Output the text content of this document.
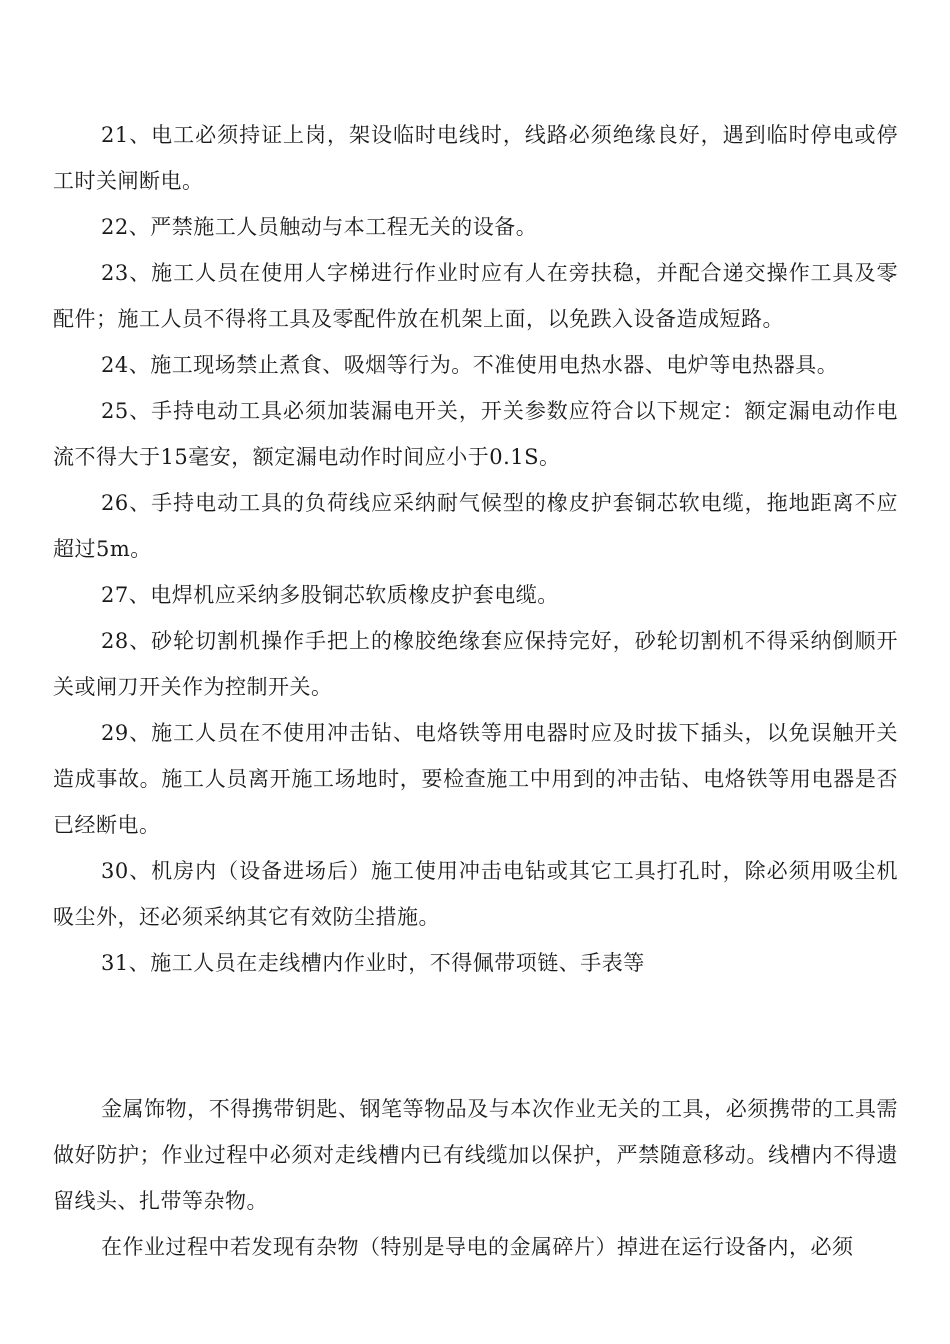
21、电工必须持证上岗，架设临时电线时，线路必须绝缘良好，遇到临时停电或停工时关闸断电。

22、严禁施工人员触动与本工程无关的设备。

23、施工人员在使用人字梯进行作业时应有人在旁扶稳，并配合递交操作工具及零配件；施工人员不得将工具及零配件放在机架上面，以免跌入设备造成短路。

24、施工现场禁止煮食、吸烟等行为。不准使用电热水器、电炉等电热器具。

25、手持电动工具必须加装漏电开关，开关参数应符合以下规定：额定漏电动作电流不得大于15毫安，额定漏电动作时间应小于0.1S。

26、手持电动工具的负荷线应采纳耐气候型的橡皮护套铜芯软电缆，拖地距离不应超过5m。

27、电焊机应采纳多股铜芯软质橡皮护套电缆。

28、砂轮切割机操作手把上的橡胶绝缘套应保持完好，砂轮切割机不得采纳倒顺开关或闸刀开关作为控制开关。

29、施工人员在不使用冲击钻、电烙铁等用电器时应及时拔下插头，以免误触开关造成事故。施工人员离开施工场地时，要检查施工中用到的冲击钻、电烙铁等用电器是否已经断电。

30、机房内（设备进场后）施工使用冲击电钻或其它工具打孔时，除必须用吸尘机吸尘外，还必须采纳其它有效防尘措施。

31、施工人员在走线槽内作业时，不得佩带项链、手表等

金属饰物，不得携带钥匙、钢笔等物品及与本次作业无关的工具，必须携带的工具需做好防护；作业过程中必须对走线槽内已有线缆加以保护，严禁随意移动。线槽内不得遗留线头、扎带等杂物。

在作业过程中若发现有杂物（特别是导电的金属碎片）掉进在运行设备内，必须
